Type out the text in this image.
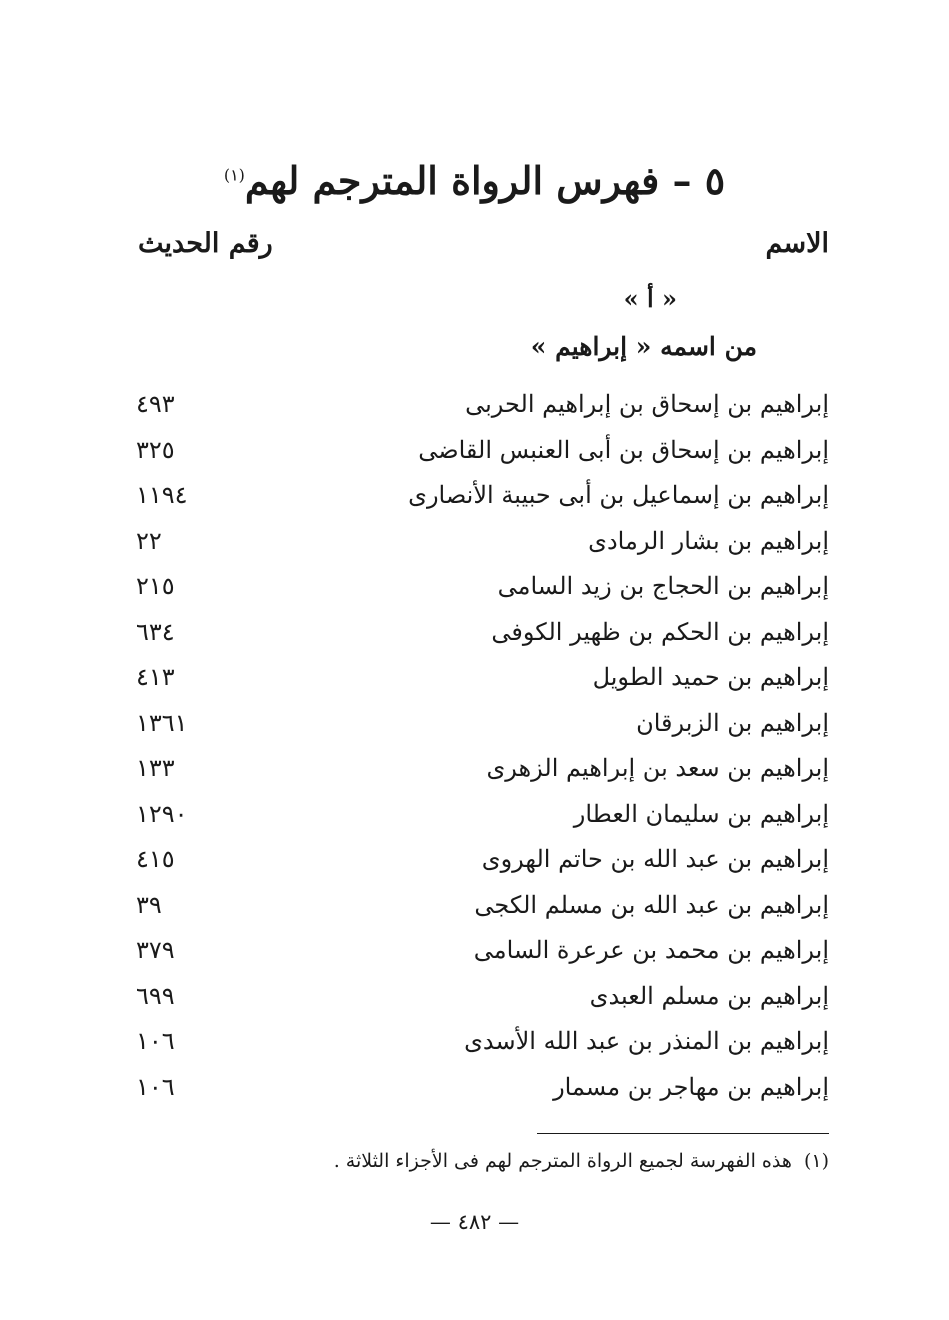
٥ – فهرس الرواة المترجم لهم$^{(١)}$
الاسم
رقم الحديث
« أ »
من اسمه « إبراهيم »
إبراهيم بن إسحاق بن إبراهيم الحربى
٤٩٣
إبراهيم بن إسحاق بن أبى العنبس القاضى
٣٢٥
إبراهيم بن إسماعيل بن أبى حبيبة الأنصارى
١١٩٤
إبراهيم بن بشار الرمادى
٢٢
إبراهيم بن الحجاج بن زيد السامى
٢١٥
إبراهيم بن الحكم بن ظهير الكوفى
٦٣٤
إبراهيم بن حميد الطويل
٤١٣
إبراهيم بن الزبرقان
١٣٦١
إبراهيم بن سعد بن إبراهيم الزهرى
١٣٣
إبراهيم بن سليمان العطار
١٢٩٠
إبراهيم بن عبد الله بن حاتم الهروى
٤١٥
إبراهيم بن عبد الله بن مسلم الكجى
٣٩
إبراهيم بن محمد بن عرعرة السامى
٣٧٩
إبراهيم بن مسلم العبدى
٦٩٩
إبراهيم بن المنذر بن عبد الله الأسدى
١٠٦
إبراهيم بن مهاجر بن مسمار
١٠٦
(١)  هذه الفهرسة لجميع الرواة المترجم لهم فى الأجزاء الثلاثة .
— ٤٨٢ —
